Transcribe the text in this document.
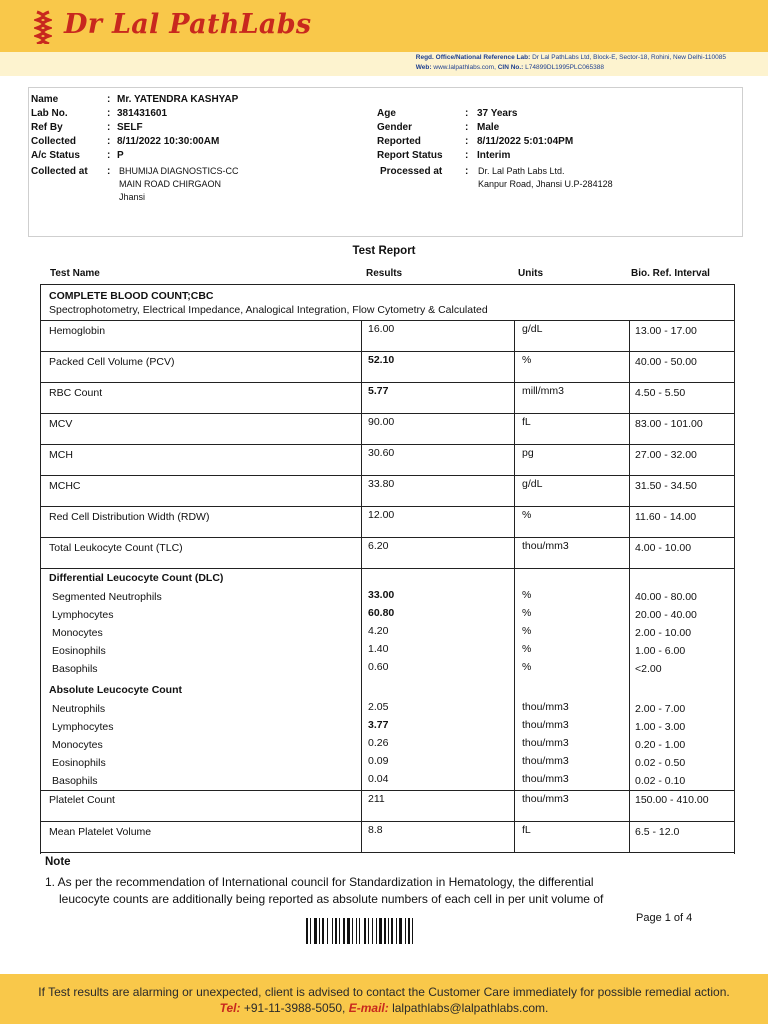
Dr Lal PathLabs
Regd. Office/National Reference Lab: Dr Lal PathLabs Ltd, Block-E, Sector-18, Rohini, New Delhi-110085
Web: www.lalpathlabs.com, CIN No.: L74899DL1995PLC065388
Name	: Mr. YATENDRA KASHYAP
Lab No.	: 381431601
Ref By	: SELF
Collected	: 8/11/2022 10:30:00AM
A/c Status	: P
Collected at : BHUMIJA DIAGNOSTICS-CC
MAIN ROAD CHIRGAON
Jhansi
Age	: 37 Years
Gender	: Male
Reported	: 8/11/2022 5:01:04PM
Report Status : Interim
Processed at : Dr. Lal Path Labs Ltd.
Kanpur Road, Jhansi U.P-284128
Test Report
Test Name	Results	Units	Bio. Ref. Interval
COMPLETE BLOOD COUNT;CBC
Spectrophotometry, Electrical Impedance, Analogical Integration, Flow Cytometry & Calculated
Hemoglobin	16.00	g/dL	13.00 - 17.00
Packed Cell Volume (PCV)	52.10	%	40.00 - 50.00
RBC Count	5.77	mill/mm3	4.50 - 5.50
MCV	90.00	fL	83.00 - 101.00
MCH	30.60	pg	27.00 - 32.00
MCHC	33.80	g/dL	31.50 - 34.50
Red Cell Distribution Width (RDW)	12.00	%	11.60 - 14.00
Total Leukocyte Count (TLC)	6.20	thou/mm3	4.00 - 10.00
Differential Leucocyte Count (DLC)
Segmented Neutrophils	33.00	%	40.00 - 80.00
Lymphocytes	60.80	%	20.00 - 40.00
Monocytes	4.20	%	2.00 - 10.00
Eosinophils	1.40	%	1.00 - 6.00
Basophils	0.60	%	<2.00
Absolute Leucocyte Count
Neutrophils	2.05	thou/mm3	2.00 - 7.00
Lymphocytes	3.77	thou/mm3	1.00 - 3.00
Monocytes	0.26	thou/mm3	0.20 - 1.00
Eosinophils	0.09	thou/mm3	0.02 - 0.50
Basophils	0.04	thou/mm3	0.02 - 0.10
Platelet Count	211	thou/mm3	150.00 - 410.00
Mean Platelet Volume	8.8	fL	6.5 - 12.0
Note
1. As per the recommendation of International council for Standardization in Hematology, the differential
leucocyte counts are additionally being reported as absolute numbers of each cell in per unit volume of
Page 1 of 4
If Test results are alarming or unexpected, client is advised to contact the Customer Care immediately for possible remedial action.
Tel: +91-11-3988-5050, E-mail: lalpathlabs@lalpathlabs.com.
